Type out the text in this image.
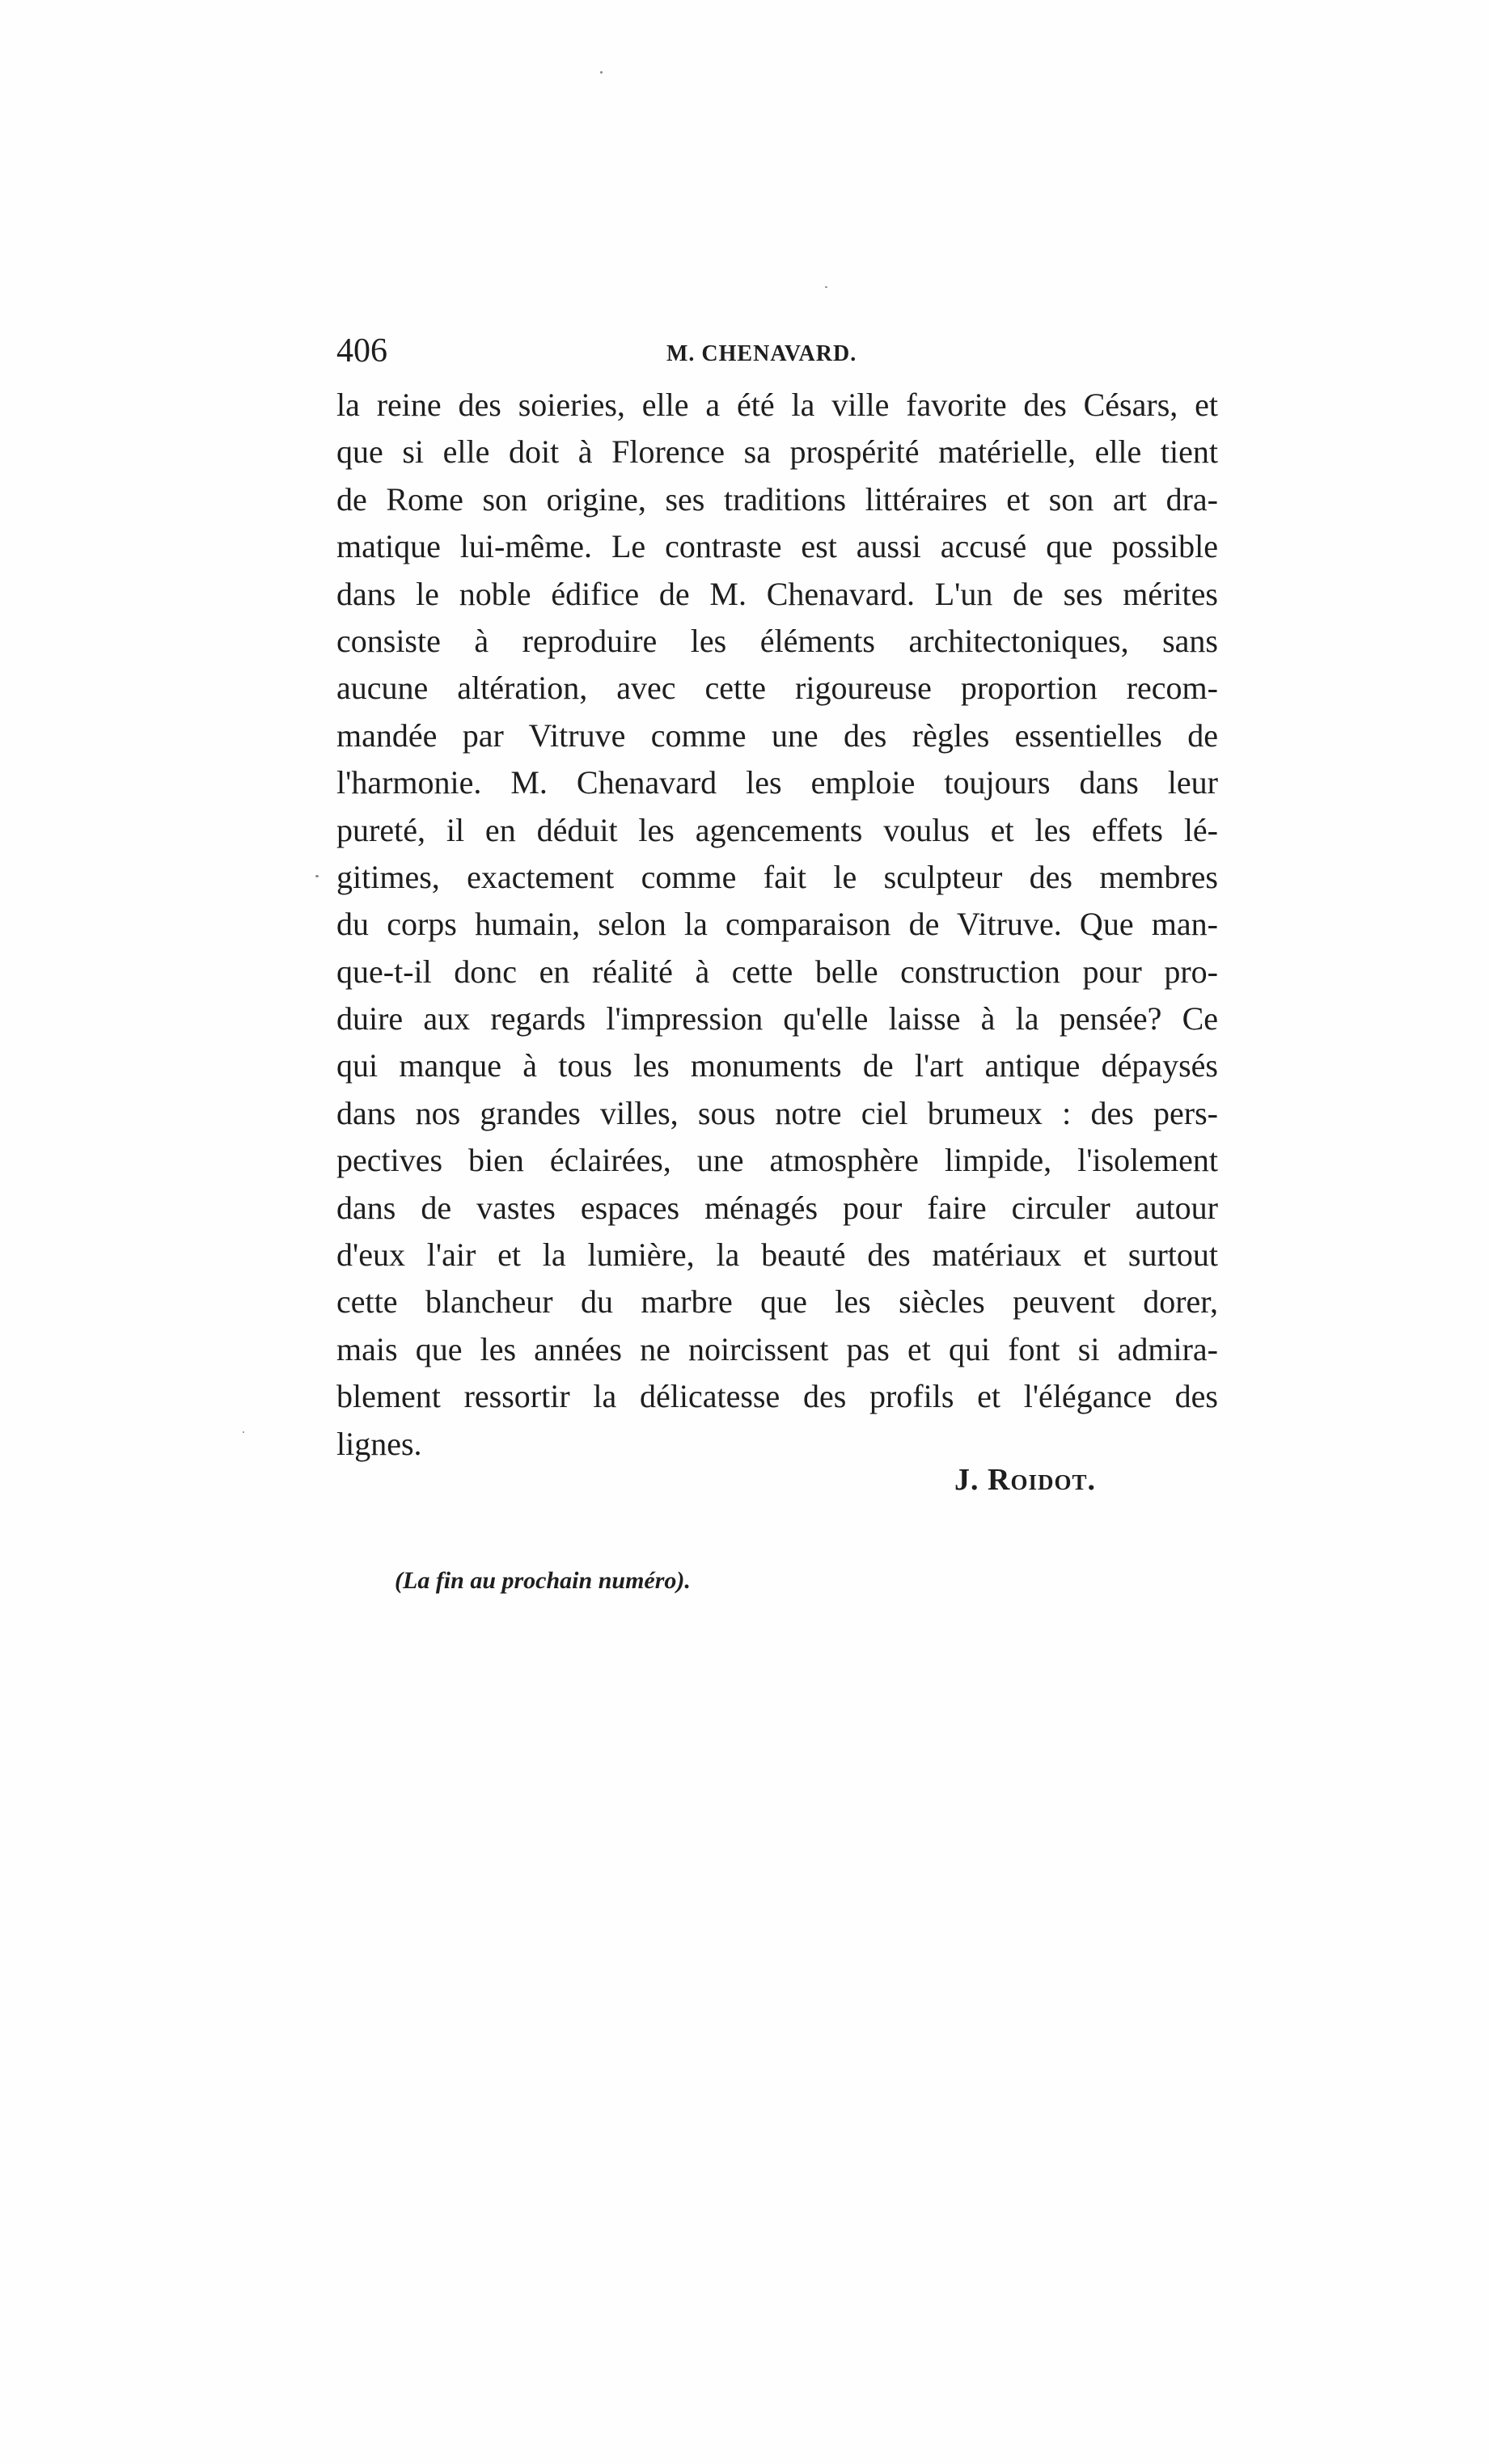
406	M. CHENAVARD.
la reine des soieries, elle a été la ville favorite des Césars, et
que si elle doit à Florence sa prospérité matérielle, elle tient
de Rome son origine, ses traditions littéraires et son art dra-
matique lui-même. Le contraste est aussi accusé que possible
dans le noble édifice de M. Chenavard. L'un de ses mérites
consiste à reproduire les éléments architectoniques, sans
aucune altération, avec cette rigoureuse proportion recom-
mandée par Vitruve comme une des règles essentielles de
l'harmonie. M. Chenavard les emploie toujours dans leur
pureté, il en déduit les agencements voulus et les effets lé-
gitimes, exactement comme fait le sculpteur des membres
du corps humain, selon la comparaison de Vitruve. Que man-
que-t-il donc en réalité à cette belle construction pour pro-
duire aux regards l'impression qu'elle laisse à la pensée? Ce
qui manque à tous les monuments de l'art antique dépaysés
dans nos grandes villes, sous notre ciel brumeux : des pers-
pectives bien éclairées, une atmosphère limpide, l'isolement
dans de vastes espaces ménagés pour faire circuler autour
d'eux l'air et la lumière, la beauté des matériaux et surtout
cette blancheur du marbre que les siècles peuvent dorer,
mais que les années ne noircissent pas et qui font si admira-
blement ressortir la délicatesse des profils et l'élégance des
lignes.
J. Roidot.
(La fin au prochain numéro).
